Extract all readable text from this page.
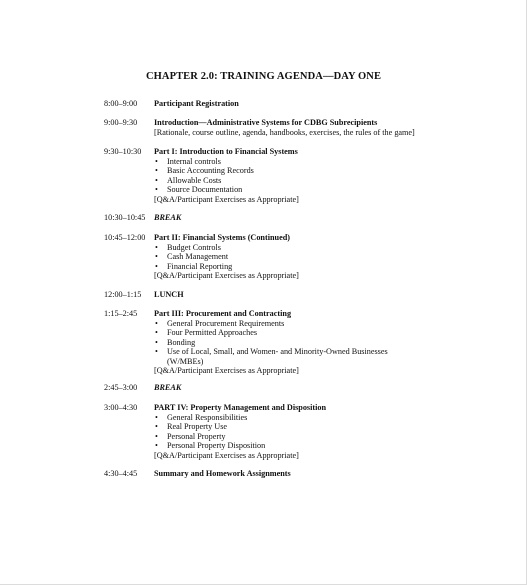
CHAPTER 2.0: TRAINING AGENDA—DAY ONE
8:00–9:00	Participant Registration
9:00–9:30	Introduction—Administrative Systems for CDBG Subrecipients
[Rationale, course outline, agenda, handbooks, exercises, the rules of the game]
9:30–10:30	Part I: Introduction to Financial Systems
• Internal controls
• Basic Accounting Records
• Allowable Costs
• Source Documentation
[Q&A/Participant Exercises as Appropriate]
10:30–10:45	BREAK
10:45–12:00	Part II: Financial Systems (Continued)
• Budget Controls
• Cash Management
• Financial Reporting
[Q&A/Participant Exercises as Appropriate]
12:00–1:15	LUNCH
1:15–2:45	Part III: Procurement and Contracting
• General Procurement Requirements
• Four Permitted Approaches
• Bonding
• Use of Local, Small, and Women- and Minority-Owned Businesses
(W/MBEs)
[Q&A/Participant Exercises as Appropriate]
2:45–3:00	BREAK
3:00–4:30	PART IV: Property Management and Disposition
• General Responsibilities
• Real Property Use
• Personal Property
• Personal Property Disposition
[Q&A/Participant Exercises as Appropriate]
4:30–4:45	Summary and Homework Assignments
